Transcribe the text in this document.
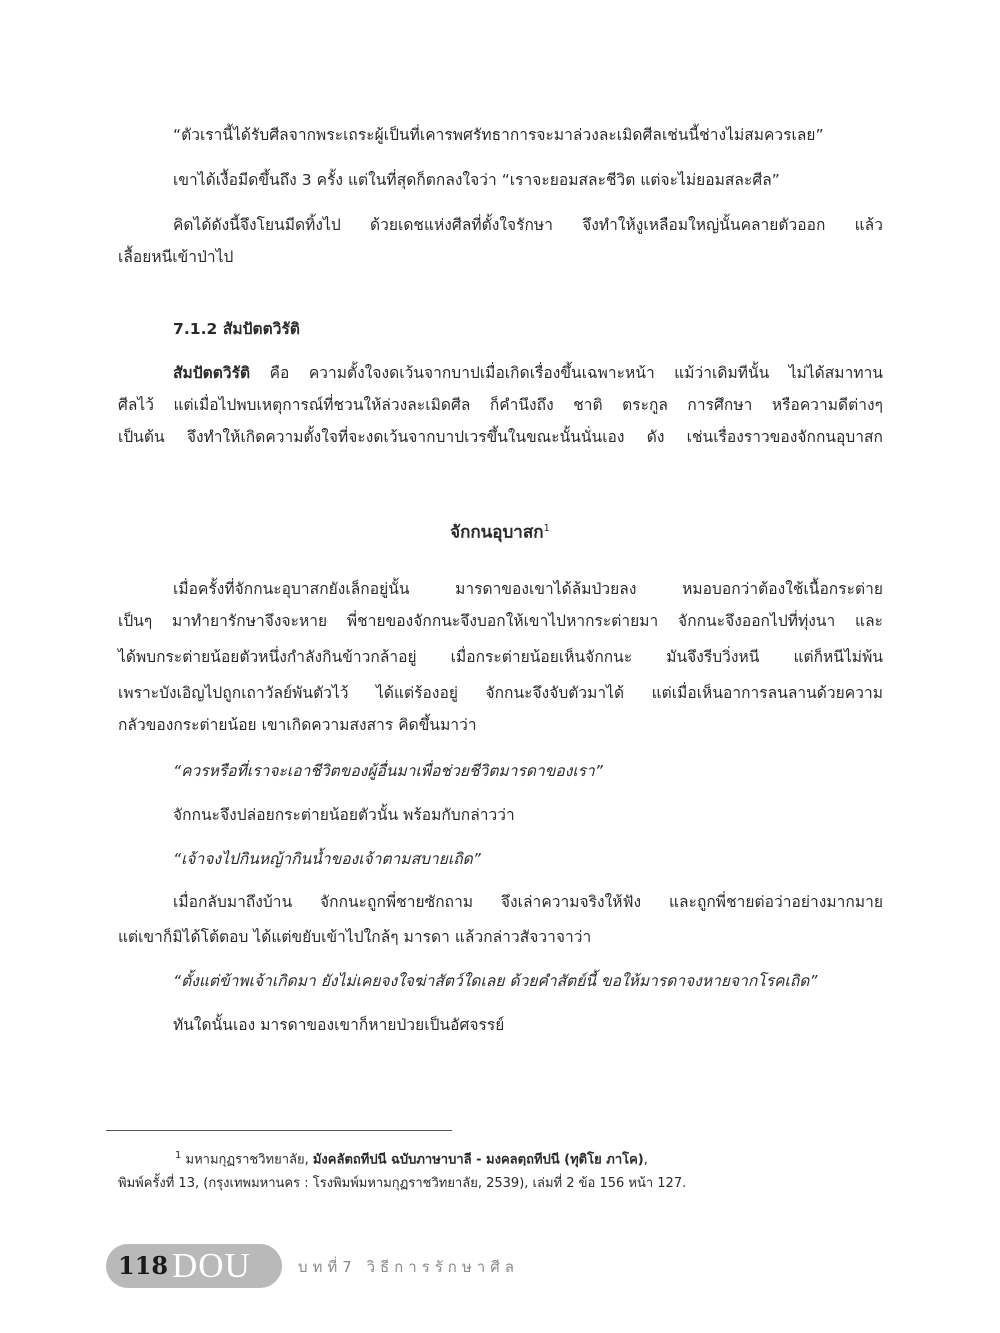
“ตัวเรานี้ได้รับศีลจากพระเถระผู้เป็นที่เคารพศรัทธาการจะมาล่วงละเมิดศีลเช่นนี้ช่างไม่สมควรเลย”
เขาได้เงื้อมีดขึ้นถึง 3 ครั้ง แต่ในที่สุดก็ตกลงใจว่า “เราจะยอมสละชีวิต แต่จะไม่ยอมสละศีล”
คิดได้ดังนี้จึงโยนมีดทิ้งไป ด้วยเดชแห่งศีลที่ตั้งใจรักษา จึงทำให้งูเหลือมใหญ่นั้นคลายตัวออก แล้ว
เลื้อยหนีเข้าป่าไป
7.1.2 สัมปัตตวิรัติ
สัมปัตตวิรัติ คือ ความตั้งใจงดเว้นจากบาปเมื่อเกิดเรื่องขึ้นเฉพาะหน้า แม้ว่าเดิมทีนั้น ไม่ได้สมาทาน
ศีลไว้ แต่เมื่อไปพบเหตุการณ์ที่ชวนให้ล่วงละเมิดศีล ก็คำนึงถึง ชาติ ตระกูล การศึกษา หรือความดีต่างๆ
เป็นต้น จึงทำให้เกิดความตั้งใจที่จะงดเว้นจากบาปเวรขึ้นในขณะนั้นนั่นเอง ดัง เช่นเรื่องราวของจักกนอุบาสก
จักกนอุบาสก$^1$
เมื่อครั้งที่จักกนะอุบาสกยังเล็กอยู่นั้น มารดาของเขาได้ล้มป่วยลง หมอบอกว่าต้องใช้เนื้อกระต่าย
เป็นๆ มาทำยารักษาจึงจะหาย พี่ชายของจักกนะจึงบอกให้เขาไปหากระต่ายมา จักกนะจึงออกไปที่ทุ่งนา และ
ได้พบกระต่ายน้อยตัวหนึ่งกำลังกินข้าวกล้าอยู่ เมื่อกระต่ายน้อยเห็นจักกนะ มันจึงรีบวิ่งหนี แต่ก็หนีไม่พ้น
เพราะบังเอิญไปถูกเถาวัลย์พันตัวไว้ ได้แต่ร้องอยู่ จักกนะจึงจับตัวมาได้ แต่เมื่อเห็นอาการลนลานด้วยความ
กลัวของกระต่ายน้อย เขาเกิดความสงสาร คิดขึ้นมาว่า
“ควรหรือที่เราจะเอาชีวิตของผู้อื่นมาเพื่อช่วยชีวิตมารดาของเรา”
จักกนะจึงปล่อยกระต่ายน้อยตัวนั้น พร้อมกับกล่าวว่า
“เจ้าจงไปกินหญ้ากินน้ำของเจ้าตามสบายเถิด”
เมื่อกลับมาถึงบ้าน จักกนะถูกพี่ชายซักถาม จึงเล่าความจริงให้ฟัง และถูกพี่ชายต่อว่าอย่างมากมาย
แต่เขาก็มิได้โต้ตอบ ได้แต่ขยับเข้าไปใกล้ๆ มารดา แล้วกล่าวสัจวาจาว่า
“ตั้งแต่ข้าพเจ้าเกิดมา ยังไม่เคยจงใจฆ่าสัตว์ใดเลย ด้วยคำสัตย์นี้ ขอให้มารดาจงหายจากโรคเถิด”
ทันใดนั้นเอง มารดาของเขาก็หายป่วยเป็นอัศจรรย์
$^1$ มหามกุฏราชวิทยาลัย, มังคลัตถทีปนี ฉบับภาษาบาลี - มงคลตฺถทีปนี (ทุติโย ภาโค),
พิมพ์ครั้งที่ 13, (กรุงเทพมหานคร : โรงพิมพ์มหามกุฏราชวิทยาลัย, 2539), เล่มที่ 2 ข้อ 156 หน้า 127.
118 DOU	บทที่7 วิธีการรักษาศีล
